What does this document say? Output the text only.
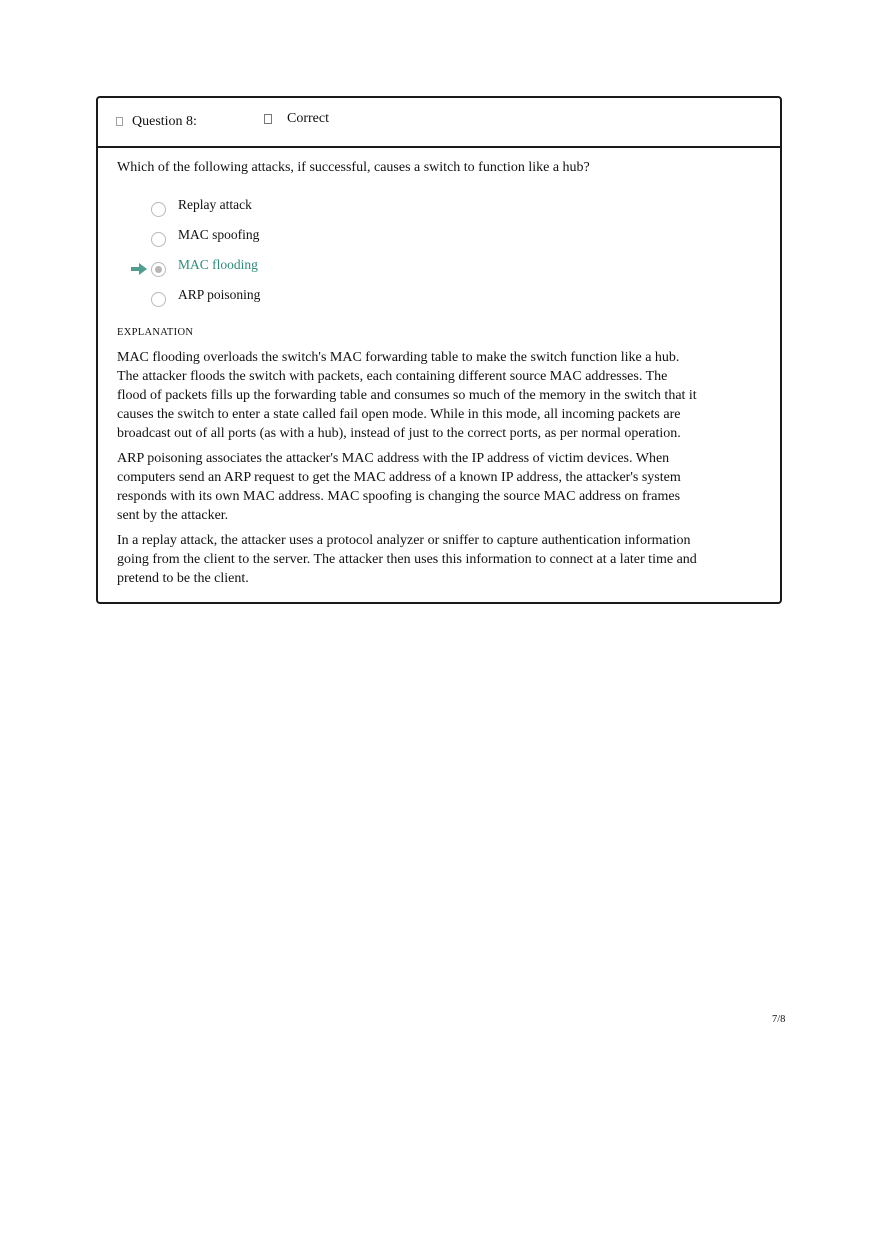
Question 8:	Correct
Which of the following attacks, if successful, causes a switch to function like a hub?
Replay attack
MAC spoofing
MAC flooding
ARP poisoning
EXPLANATION

MAC flooding overloads the switch's MAC forwarding table to make the switch function like a hub. The attacker floods the switch with packets, each containing different source MAC addresses. The flood of packets fills up the forwarding table and consumes so much of the memory in the switch that it causes the switch to enter a state called fail open mode. While in this mode, all incoming packets are broadcast out of all ports (as with a hub), instead of just to the correct ports, as per normal operation.

ARP poisoning associates the attacker's MAC address with the IP address of victim devices. When computers send an ARP request to get the MAC address of a known IP address, the attacker's system responds with its own MAC address. MAC spoofing is changing the source MAC address on frames sent by the attacker.

In a replay attack, the attacker uses a protocol analyzer or sniffer to capture authentication information going from the client to the server. The attacker then uses this information to connect at a later time and pretend to be the client.

7/8
